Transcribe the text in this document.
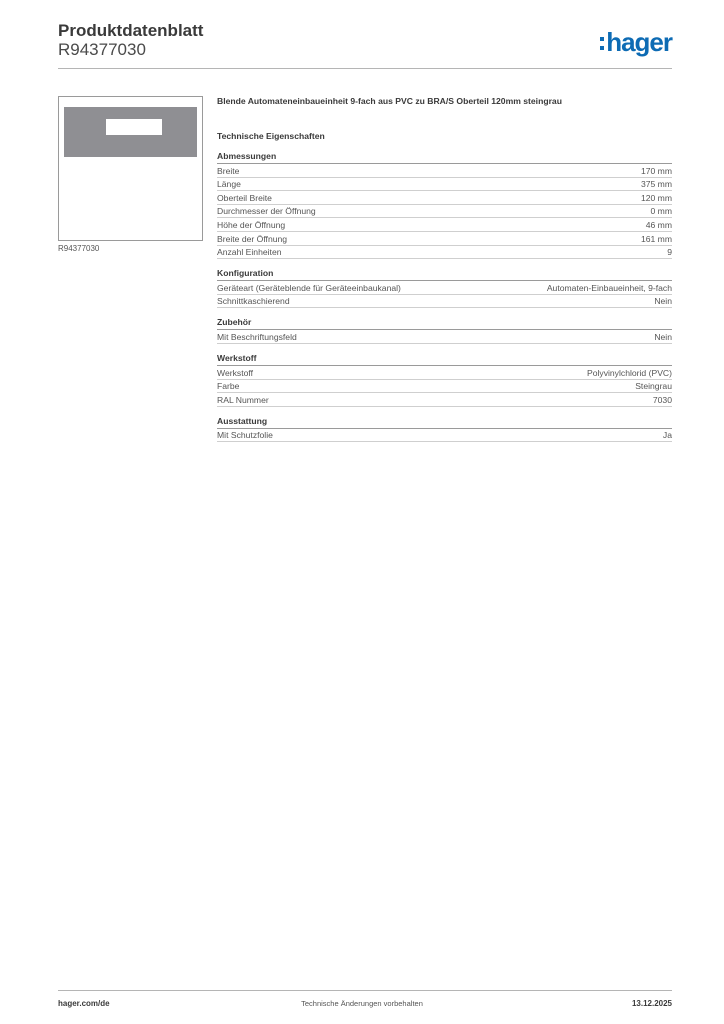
Produktdatenblatt
R94377030	hager
R94377030
Blende Automateneinbaueinheit 9-fach aus PVC zu BRA/S Oberteil 120mm steingrau
Technische Eigenschaften
Abmessungen
Breite	170 mm
Länge	375 mm
Oberteil Breite	120 mm
Durchmesser der Öffnung	0 mm
Höhe der Öffnung	46 mm
Breite der Öffnung	161 mm
Anzahl Einheiten	9
Konfiguration
Geräteart (Geräteblende für Geräteeinbaukanal)	Automaten-Einbaueinheit, 9-fach
Schnittkaschierend	Nein
Zubehör
Mit Beschriftungsfeld	Nein
Werkstoff
Werkstoff	Polyvinylchlorid (PVC)
Farbe	Steingrau
RAL Nummer	7030
Ausstattung
Mit Schutzfolie	Ja
hager.com/de	Technische Änderungen vorbehalten	13.12.2025
